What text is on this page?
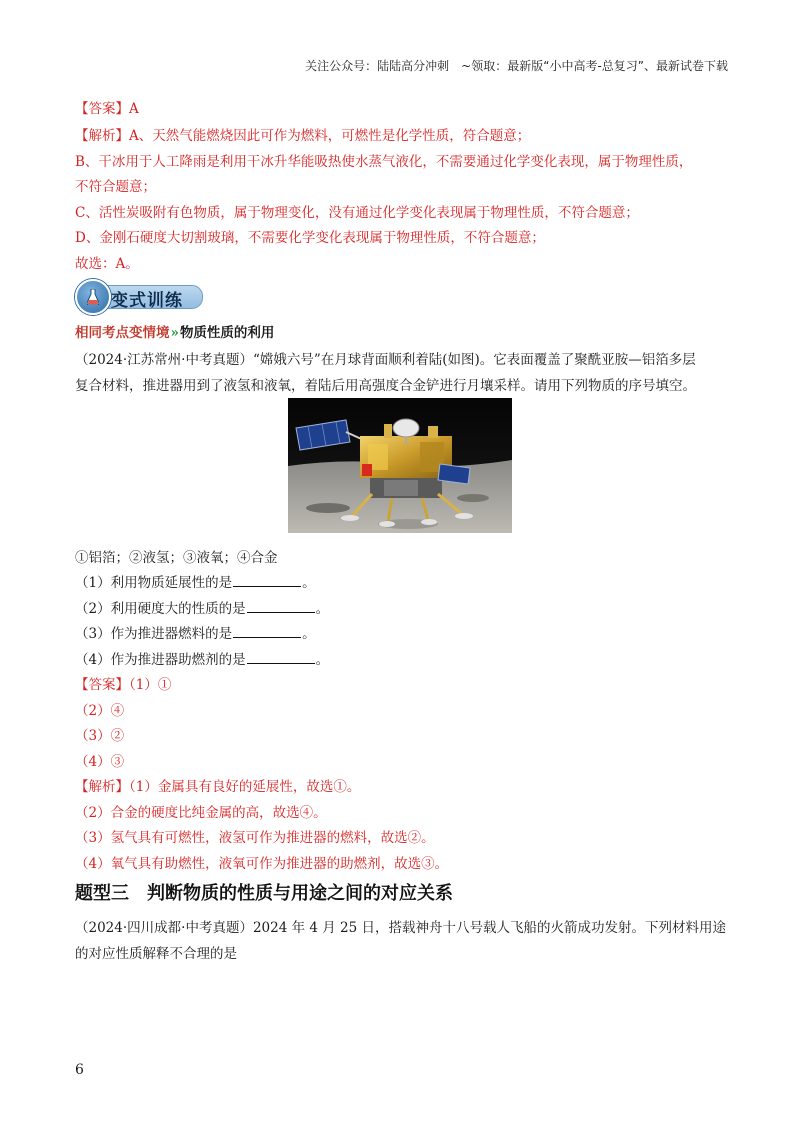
关注公众号：陆陆高分冲刺　~领取：最新版“小中高考-总复习”、最新试卷下载
【答案】A
【解析】A、天然气能燃烧因此可作为燃料，可燃性是化学性质，符合题意；
B、干冰用于人工降雨是利用干冰升华能吸热使水蒸气液化，不需要通过化学变化表现，属于物理性质，
不符合题意；
C、活性炭吸附有色物质，属于物理变化，没有通过化学变化表现属于物理性质，不符合题意；
D、金刚石硬度大切割玻璃，不需要化学变化表现属于物理性质，不符合题意；
故选：A。
变式训练
相同考点变情境»物质性质的利用
（2024·江苏常州·中考真题）“嫦娥六号”在月球背面顺利着陆(如图)。它表面覆盖了聚酰亚胺—铝箔多层
复合材料，推进器用到了液氢和液氧，着陆后用高强度合金铲进行月壤采样。请用下列物质的序号填空。
①铝箔；②液氢；③液氧；④合金
（1）利用物质延展性的是	。
（2）利用硬度大的性质的是	。
（3）作为推进器燃料的是	。
（4）作为推进器助燃剂的是	。
【答案】（1）①
（2）④
（3）②
（4）③
【解析】（1）金属具有良好的延展性，故选①。
（2）合金的硬度比纯金属的高，故选④。
（3）氢气具有可燃性，液氢可作为推进器的燃料，故选②。
（4）氧气具有助燃性，液氧可作为推进器的助燃剂，故选③。
题型三　判断物质的性质与用途之间的对应关系
（2024·四川成都·中考真题）2024 年 4 月 25 日，搭载神舟十八号载人飞船的火箭成功发射。下列材料用途
的对应性质解释不合理的是
6
